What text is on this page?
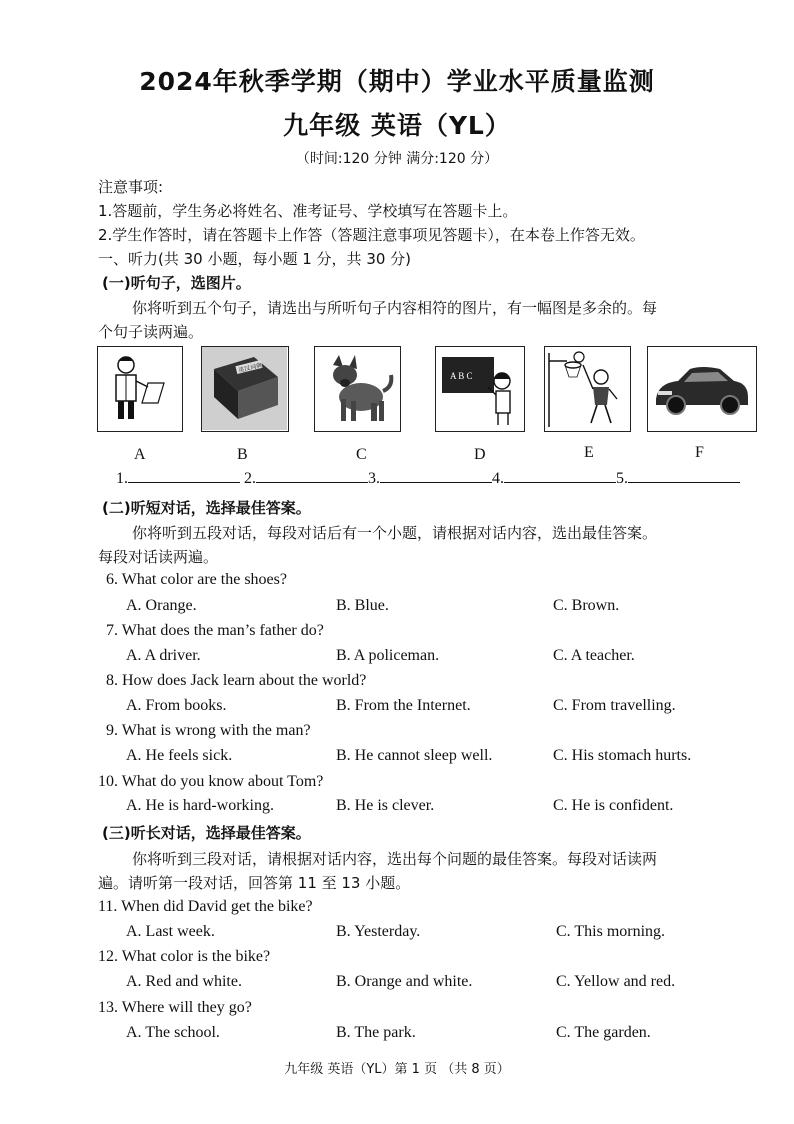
2024年秋季学期（期中）学业水平质量监测
九年级 英语（YL）
（时间:120 分钟 满分:120 分）
注意事项:
1.答题前，学生务必将姓名、准考证号、学校填写在答题卡上。
2.学生作答时，请在答题卡上作答（答题注意事项见答题卡），在本卷上作答无效。
一、听力(共 30 小题，每小题 1 分，共 30 分)
(一)听句子，选图片。
你将听到五个句子，请选出与所听句子内容相符的图片，有一幅图是多余的。每
个句子读两遍。
英汉词典
A B C
A	B	C	D	E	F
1.	2.	3.	4.	5.
(二)听短对话，选择最佳答案。
你将听到五段对话，每段对话后有一个小题，请根据对话内容，选出最佳答案。
每段对话读两遍。
6. What color are the shoes?
A. Orange.	B. Blue.	C. Brown.
7. What does the man’s father do?
A. A driver.	B. A policeman.	C. A teacher.
8. How does Jack learn about the world?
A. From books.	B. From the Internet.	C. From travelling.
9. What is wrong with the man?
A. He feels sick.	B. He cannot sleep well.	C. His stomach hurts.
10. What do you know about Tom?
A. He is hard-working.	B. He is clever.	C. He is confident.
(三)听长对话，选择最佳答案。
你将听到三段对话，请根据对话内容，选出每个问题的最佳答案。每段对话读两
遍。请听第一段对话，回答第 11 至 13 小题。
11. When did David get the bike?
A. Last week.	B. Yesterday.	C. This morning.
12. What color is the bike?
A. Red and white.	B. Orange and white.	C. Yellow and red.
13. Where will they go?
A. The school.	B. The park.	C. The garden.
九年级 英语（YL）第 1 页 （共 8 页）
